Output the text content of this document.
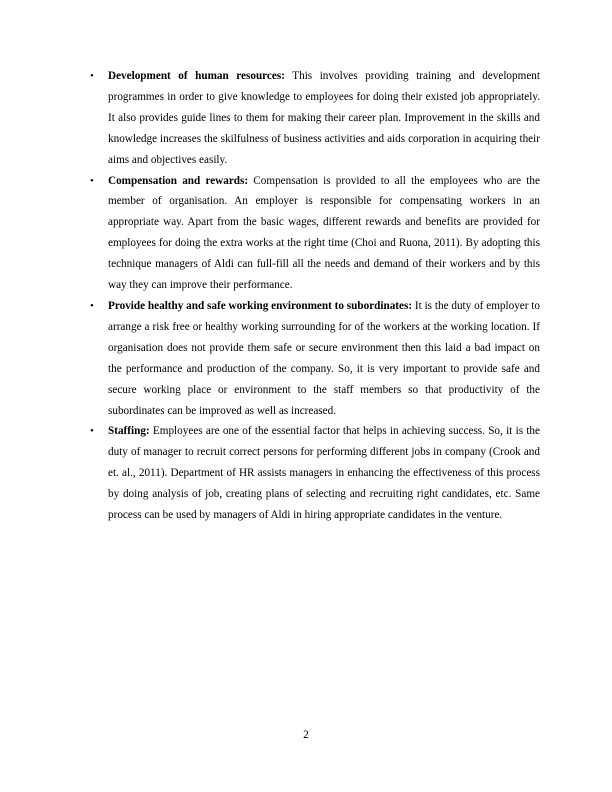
• Development of human resources: This involves providing training and development programmes in order to give knowledge to employees for doing their existed job appropriately. It also provides guide lines to them for making their career plan. Improvement in the skills and knowledge increases the skilfulness of business activities and aids corporation in acquiring their aims and objectives easily.
• Compensation and rewards: Compensation is provided to all the employees who are the member of organisation. An employer is responsible for compensating workers in an appropriate way. Apart from the basic wages, different rewards and benefits are provided for employees for doing the extra works at the right time (Choi and Ruona, 2011). By adopting this technique managers of Aldi can full-fill all the needs and demand of their workers and by this way they can improve their performance.
• Provide healthy and safe working environment to subordinates: It is the duty of employer to arrange a risk free or healthy working surrounding for of the workers at the working location. If organisation does not provide them safe or secure environment then this laid a bad impact on the performance and production of the company. So, it is very important to provide safe and secure working place or environment to the staff members so that productivity of the subordinates can be improved as well as increased.
• Staffing: Employees are one of the essential factor that helps in achieving success. So, it is the duty of manager to recruit correct persons for performing different jobs in company (Crook and et. al., 2011). Department of HR assists managers in enhancing the effectiveness of this process by doing analysis of job, creating plans of selecting and recruiting right candidates, etc. Same process can be used by managers of Aldi in hiring appropriate candidates in the venture.
2
